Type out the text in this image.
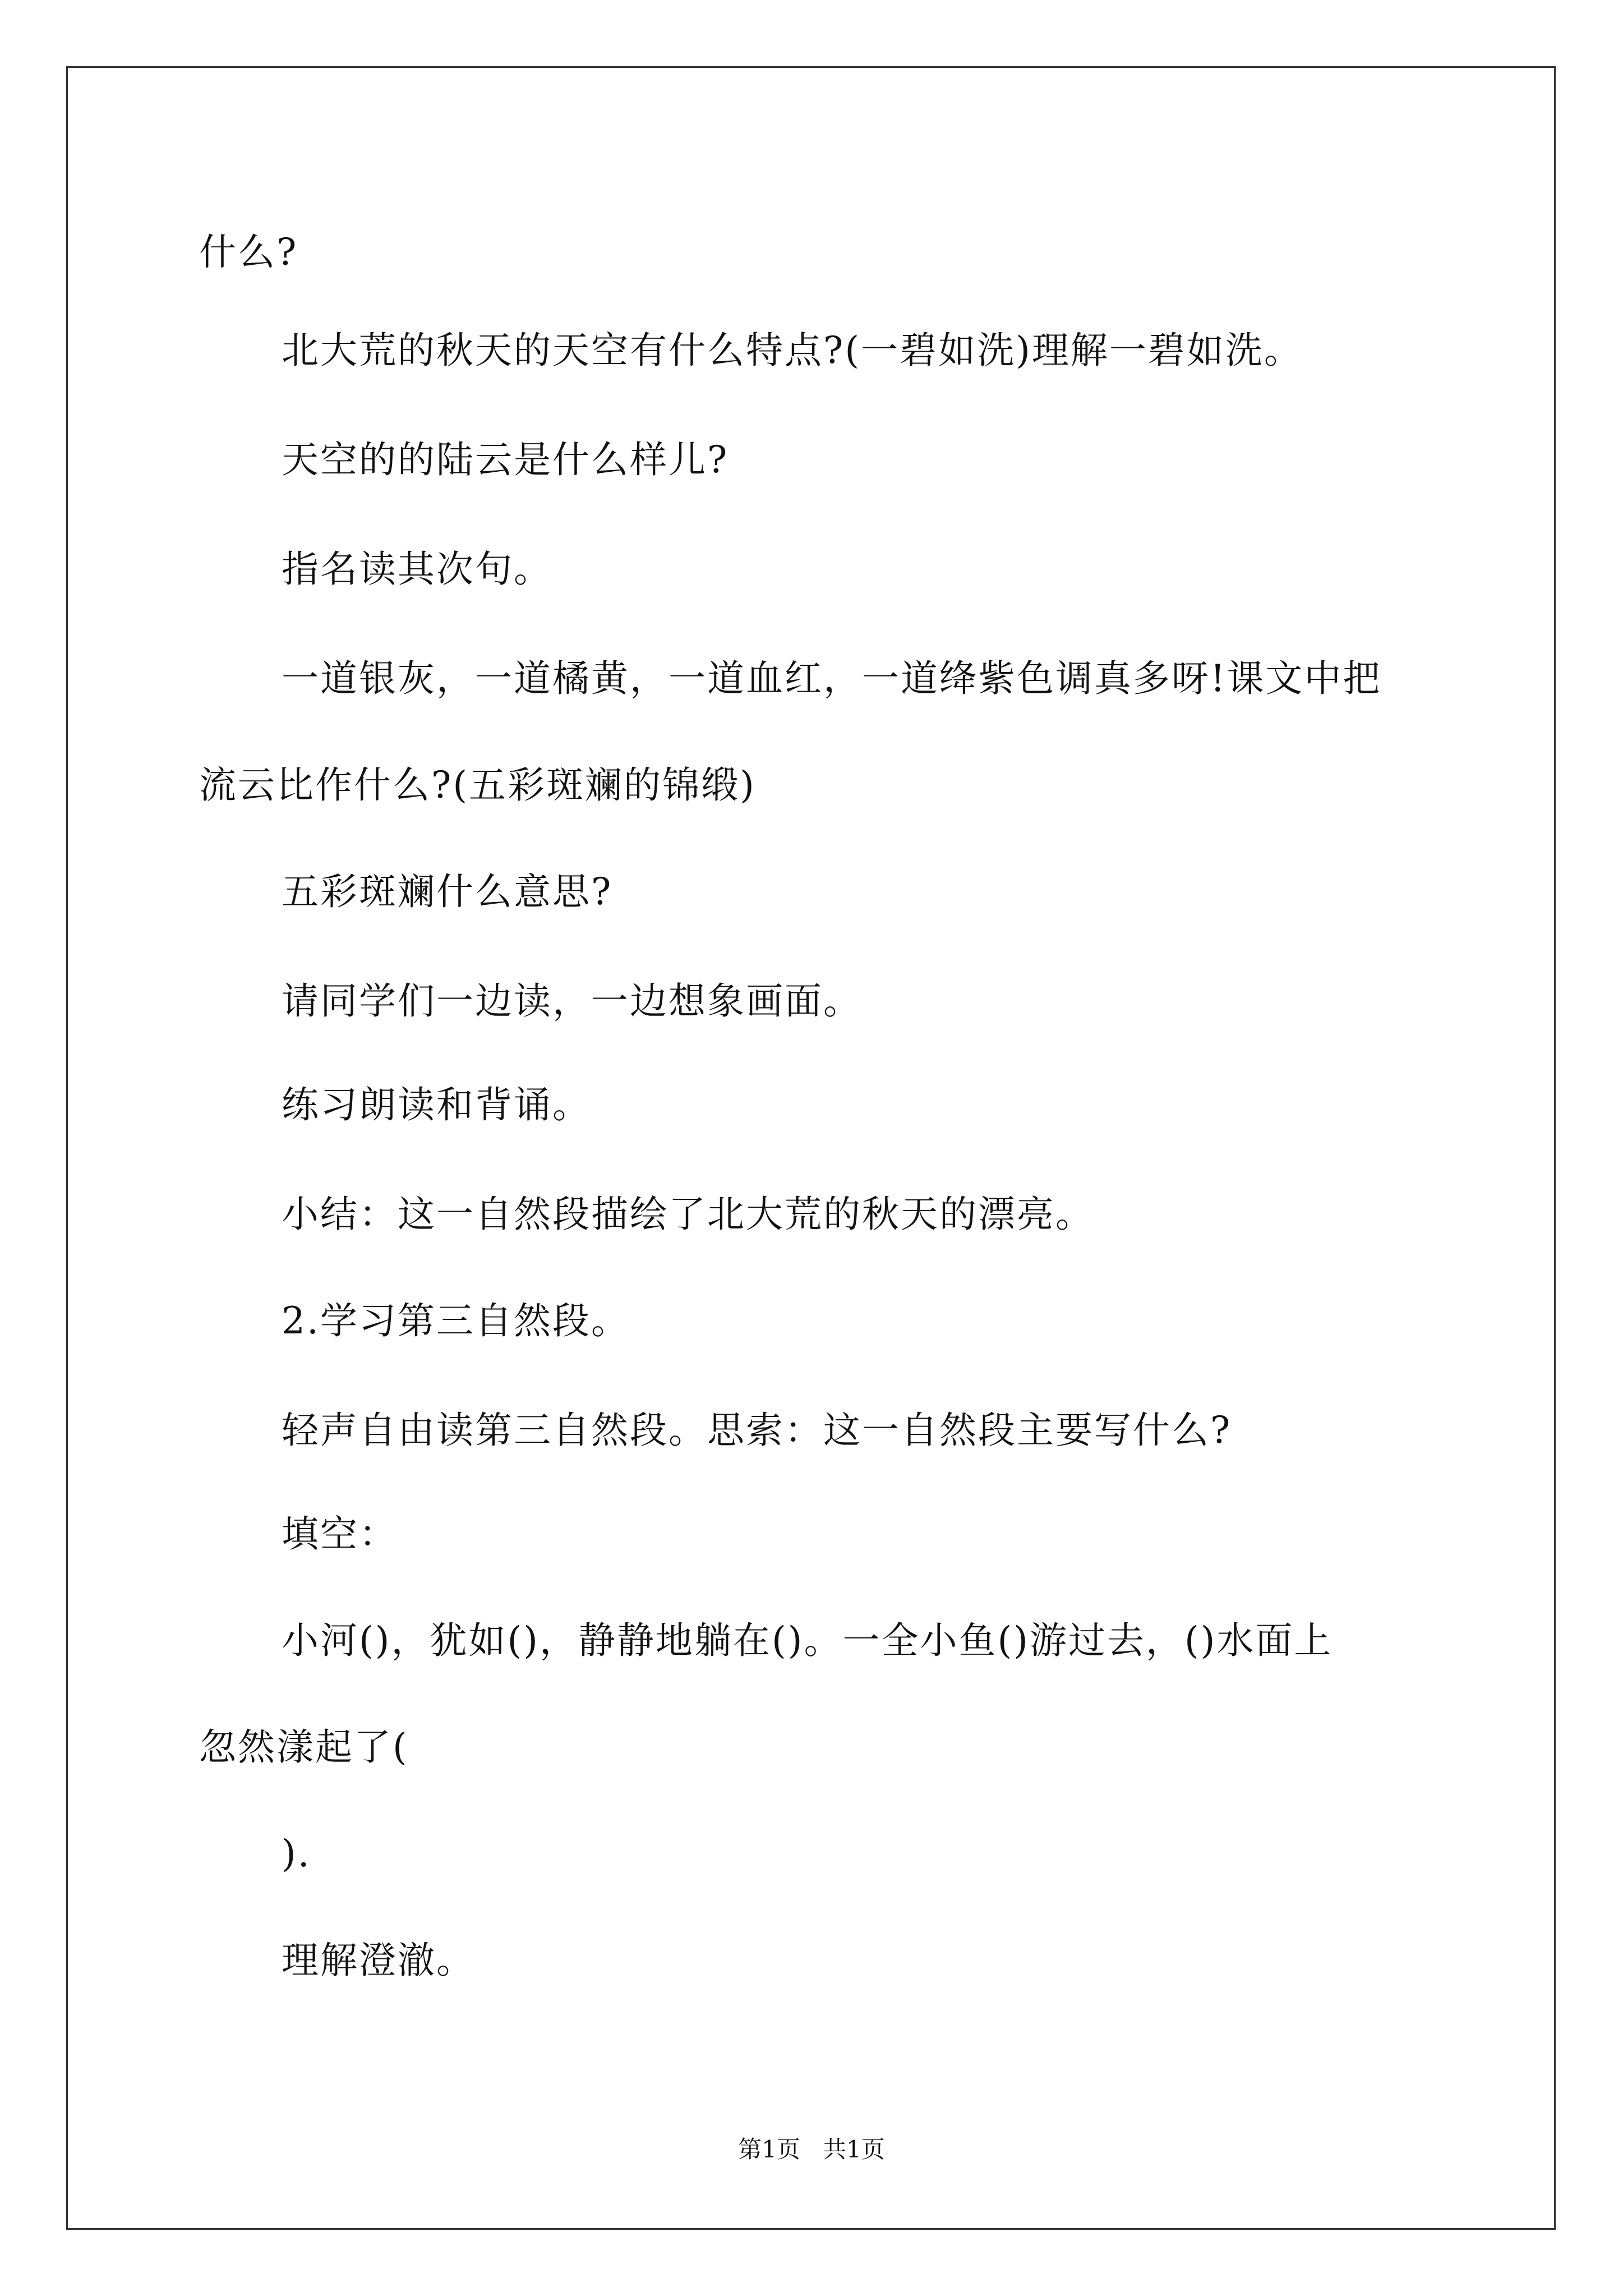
什么?
北大荒的秋天的天空有什么特点?(一碧如洗)理解一碧如洗。
天空的的陆云是什么样儿?
指名读其次句。
一道银灰，一道橘黄，一道血红，一道绛紫色调真多呀!课文中把
流云比作什么?(五彩斑斓的锦缎)
五彩斑斓什么意思?
请同学们一边读，一边想象画面。
练习朗读和背诵。
小结：这一自然段描绘了北大荒的秋天的漂亮。
2.学习第三自然段。
轻声自由读第三自然段。思索：这一自然段主要写什么?
填空：
小河()，犹如()，静静地躺在()。一全小鱼()游过去，()水面上
忽然漾起了(
).
理解澄澈。
第1页   共1页
